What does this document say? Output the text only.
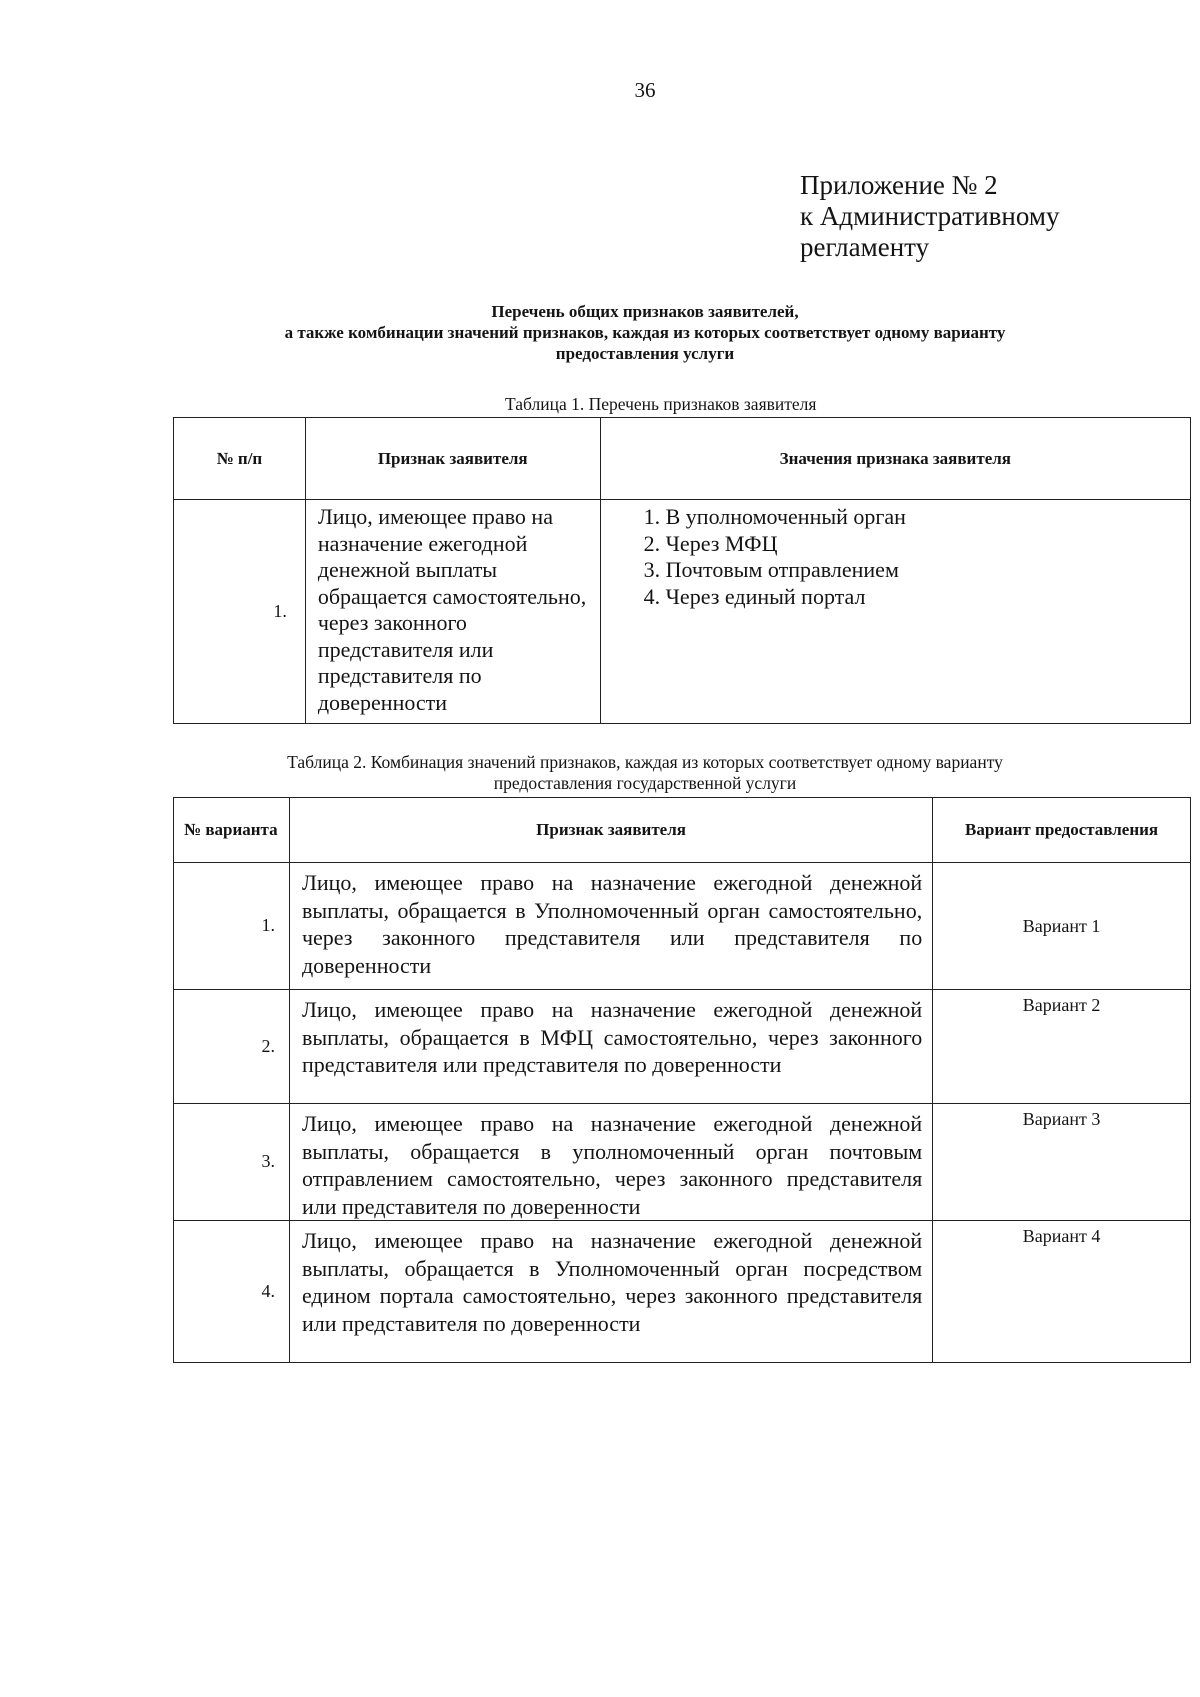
36
Приложение № 2
к Административному
регламенту
Перечень общих признаков заявителей,
а также комбинации значений признаков, каждая из которых соответствует одному варианту
предоставления услуги
Таблица 1. Перечень признаков заявителя
№ п/п	Признак заявителя	Значения признака заявителя
1.	Лицо, имеющее право на назначение ежегодной денежной выплаты обращается самостоятельно, через законного представителя или представителя по доверенности	1. В уполномоченный орган
2. Через МФЦ
3. Почтовым отправлением
4. Через единый портал
Таблица 2. Комбинация значений признаков, каждая из которых соответствует одному варианту
предоставления государственной услуги
№ варианта	Признак заявителя	Вариант предоставления
1.	Лицо, имеющее право на назначение ежегодной денежной выплаты, обращается в Уполномоченный орган самостоятельно, через законного представителя или представителя по доверенности	Вариант 1
2.	Лицо, имеющее право на назначение ежегодной денежной выплаты, обращается в МФЦ самостоятельно, через законного представителя или представителя по доверенности	Вариант 2
3.	Лицо, имеющее право на назначение ежегодной денежной выплаты, обращается в уполномоченный орган почтовым отправлением самостоятельно, через законного представителя или представителя по доверенности	Вариант 3
4.	Лицо, имеющее право на назначение ежегодной денежной выплаты, обращается в Уполномоченный орган посредством едином портала самостоятельно, через законного представителя или представителя по доверенности	Вариант 4
